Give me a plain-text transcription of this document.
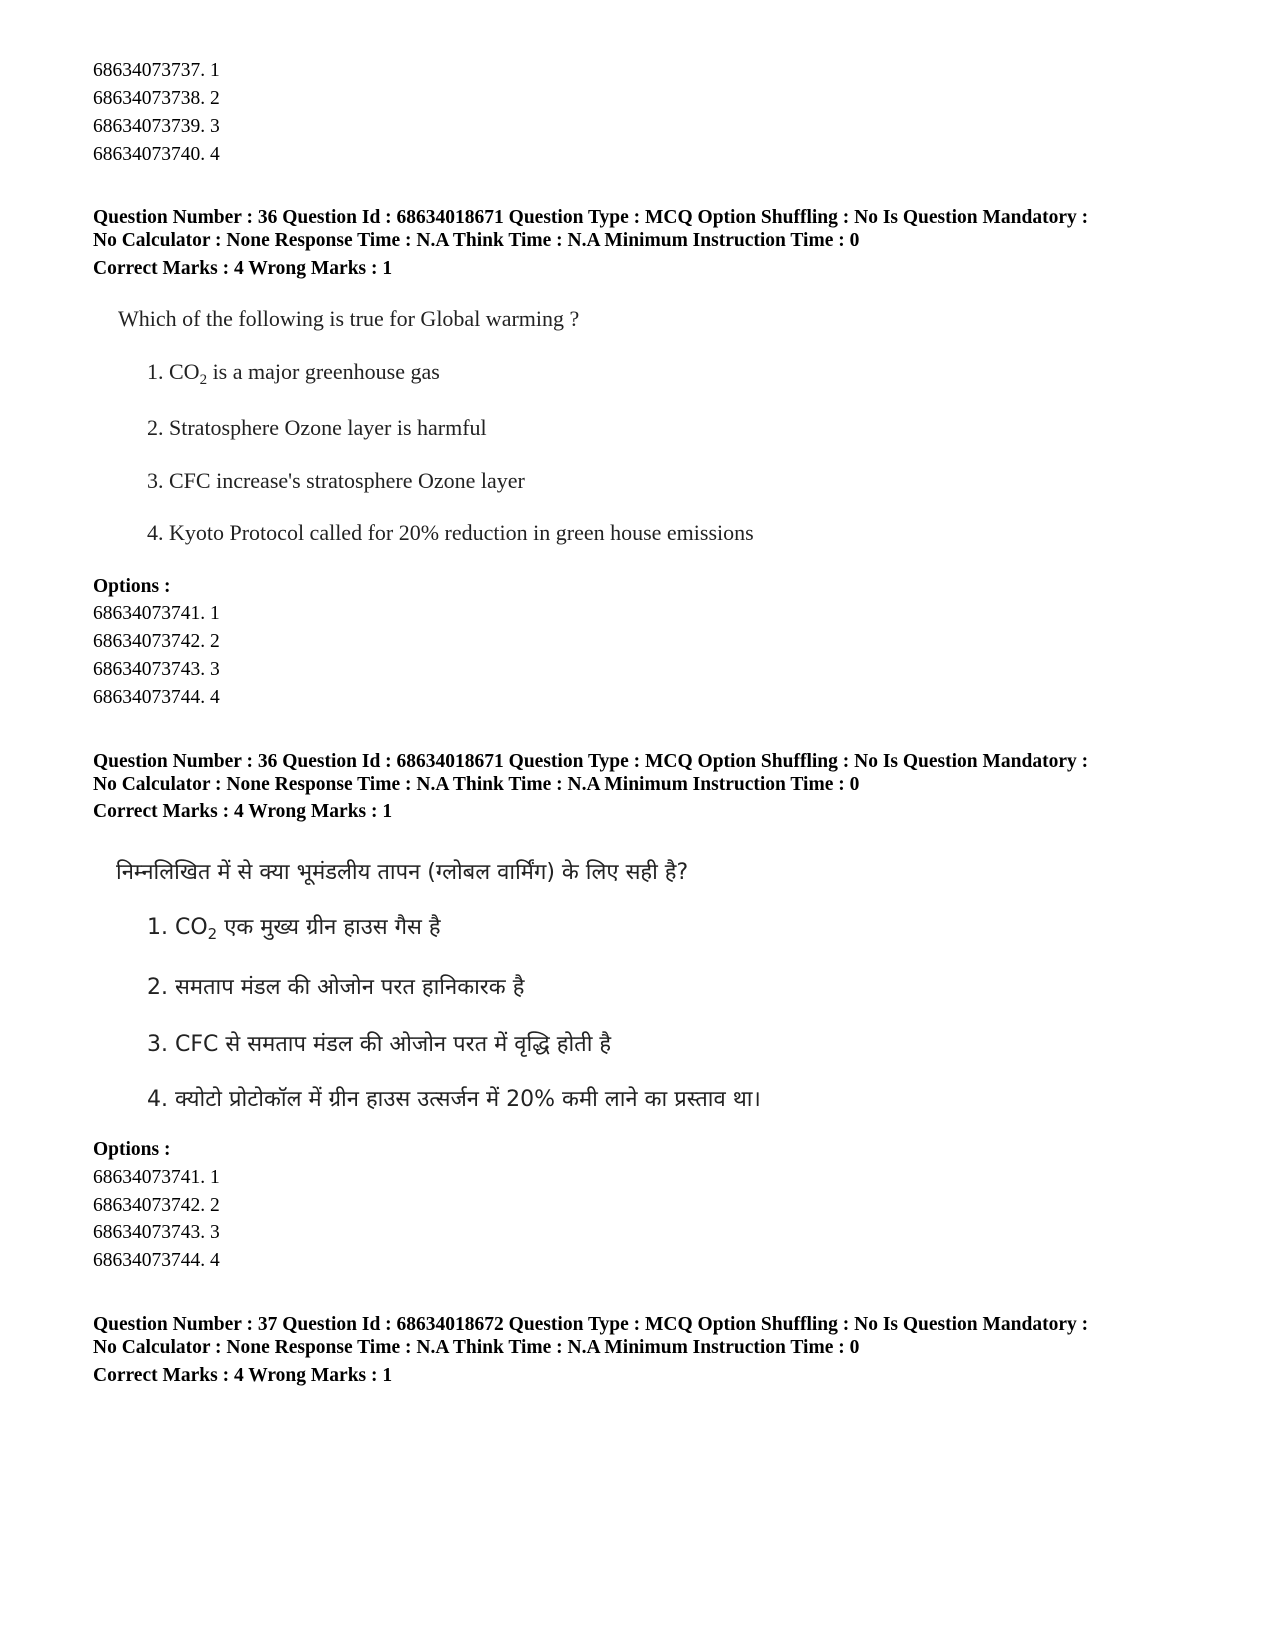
68634073737. 1
68634073738. 2
68634073739. 3
68634073740. 4
Question Number : 36 Question Id : 68634018671 Question Type : MCQ Option Shuffling : No Is Question Mandatory :
No Calculator : None Response Time : N.A Think Time : N.A Minimum Instruction Time : 0
Correct Marks : 4 Wrong Marks : 1
Which of the following is true for Global warming ?
1. $CO_2$ is a major greenhouse gas
2. Stratosphere Ozone layer is harmful
3. CFC increase's stratosphere Ozone layer
4. Kyoto Protocol called for 20% reduction in green house emissions
Options :
68634073741. 1
68634073742. 2
68634073743. 3
68634073744. 4
Question Number : 36 Question Id : 68634018671 Question Type : MCQ Option Shuffling : No Is Question Mandatory :
No Calculator : None Response Time : N.A Think Time : N.A Minimum Instruction Time : 0
Correct Marks : 4 Wrong Marks : 1
निम्नलिखित में से क्या भूमंडलीय तापन (ग्लोबल वार्मिंग) के लिए सही है?
1. $CO_2$ एक मुख्य ग्रीन हाउस गैस है
2. समताप मंडल की ओजोन परत हानिकारक है
3. CFC से समताप मंडल की ओजोन परत में वृद्धि होती है
4. क्योटो प्रोटोकॉल में ग्रीन हाउस उत्सर्जन में 20% कमी लाने का प्रस्ताव था।
Options :
68634073741. 1
68634073742. 2
68634073743. 3
68634073744. 4
Question Number : 37 Question Id : 68634018672 Question Type : MCQ Option Shuffling : No Is Question Mandatory :
No Calculator : None Response Time : N.A Think Time : N.A Minimum Instruction Time : 0
Correct Marks : 4 Wrong Marks : 1
